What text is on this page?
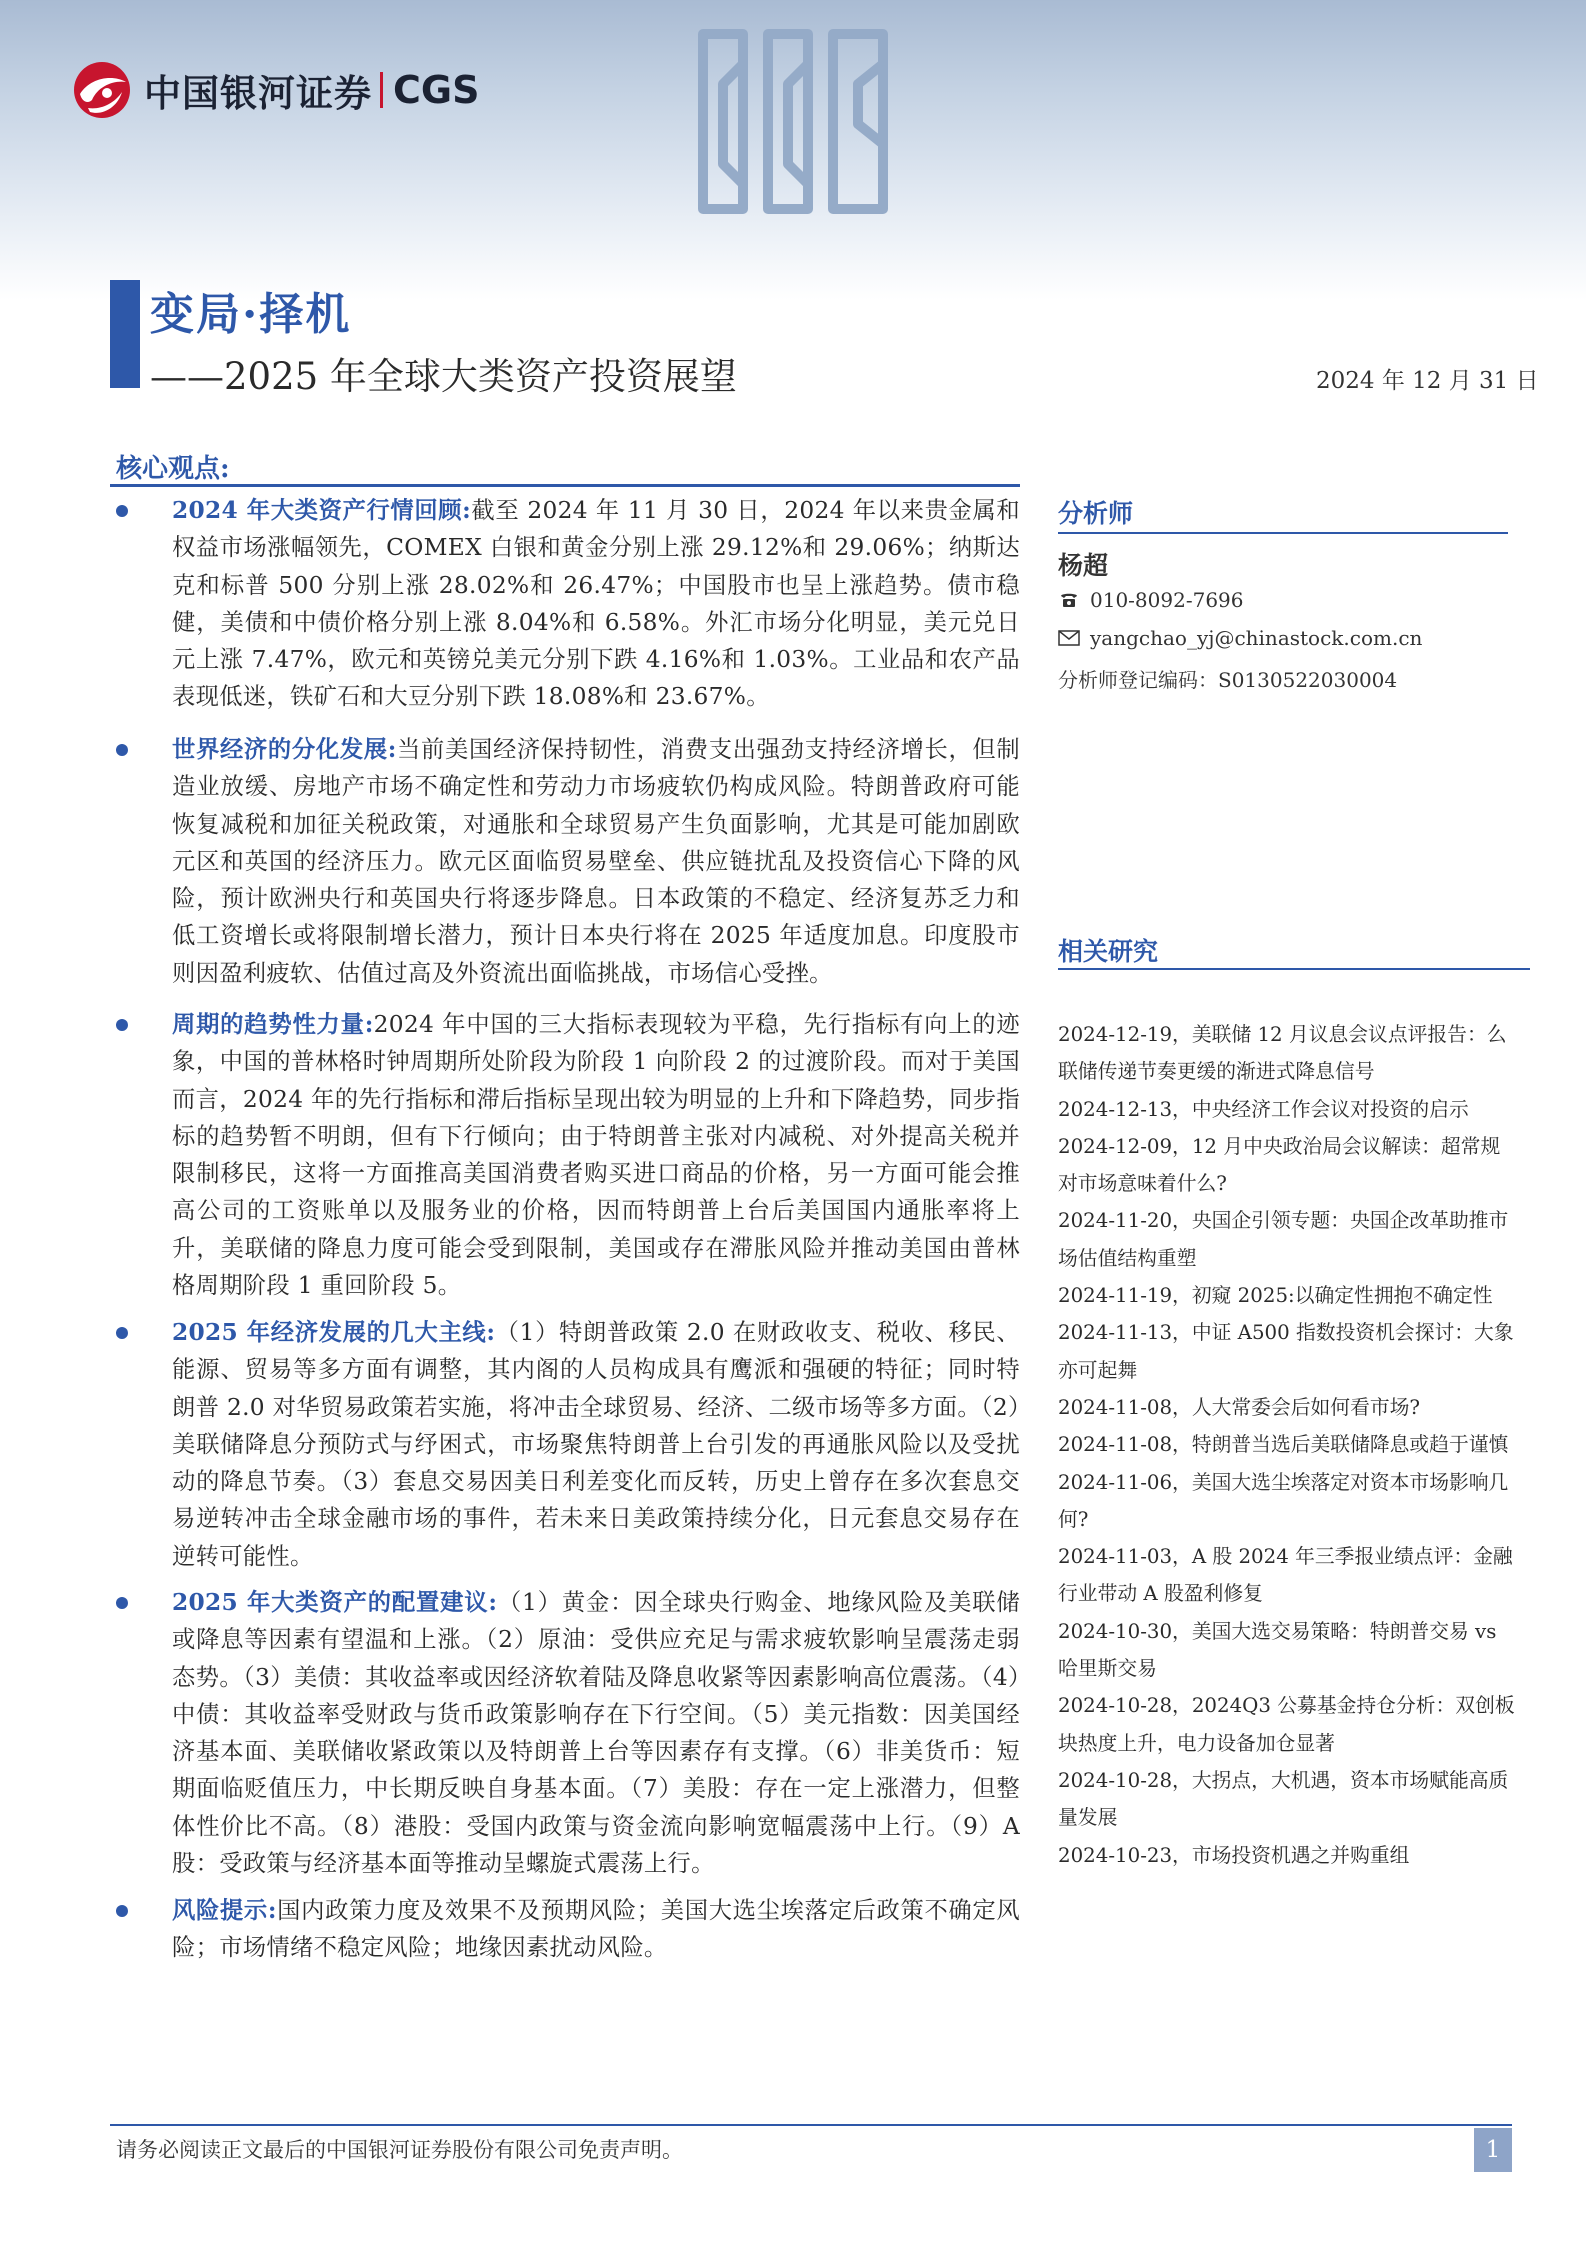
中国银河证券 CGS
变局·择机
——2025 年全球大类资产投资展望	2024 年 12 月 31 日
核心观点:
2024 年大类资产行情回顾:截至 2024 年 11 月 30 日，2024 年以来贵金属和权益市场涨幅领先，COMEX 白银和黄金分别上涨 29.12%和 29.06%；纳斯达克和标普 500 分别上涨 28.02%和 26.47%；中国股市也呈上涨趋势。债市稳健，美债和中债价格分别上涨 8.04%和 6.58%。外汇市场分化明显，美元兑日元上涨 7.47%，欧元和英镑兑美元分别下跌 4.16%和 1.03%。工业品和农产品表现低迷，铁矿石和大豆分别下跌 18.08%和 23.67%。
世界经济的分化发展:当前美国经济保持韧性，消费支出强劲支持经济增长，但制造业放缓、房地产市场不确定性和劳动力市场疲软仍构成风险。特朗普政府可能恢复减税和加征关税政策，对通胀和全球贸易产生负面影响，尤其是可能加剧欧元区和英国的经济压力。欧元区面临贸易壁垒、供应链扰乱及投资信心下降的风险，预计欧洲央行和英国央行将逐步降息。日本政策的不稳定、经济复苏乏力和低工资增长或将限制增长潜力，预计日本央行将在 2025 年适度加息。印度股市则因盈利疲软、估值过高及外资流出面临挑战，市场信心受挫。
周期的趋势性力量:2024 年中国的三大指标表现较为平稳，先行指标有向上的迹象，中国的普林格时钟周期所处阶段为阶段 1 向阶段 2 的过渡阶段。而对于美国而言，2024 年的先行指标和滞后指标呈现出较为明显的上升和下降趋势，同步指标的趋势暂不明朗，但有下行倾向；由于特朗普主张对内减税、对外提高关税并限制移民，这将一方面推高美国消费者购买进口商品的价格，另一方面可能会推高公司的工资账单以及服务业的价格，因而特朗普上台后美国国内通胀率将上升，美联储的降息力度可能会受到限制，美国或存在滞胀风险并推动美国由普林格周期阶段 1 重回阶段 5。
2025 年经济发展的几大主线:（1）特朗普政策 2.0 在财政收支、税收、移民、能源、贸易等多方面有调整，其内阁的人员构成具有鹰派和强硬的特征；同时特朗普 2.0 对华贸易政策若实施，将冲击全球贸易、经济、二级市场等多方面。（2）美联储降息分预防式与纾困式，市场聚焦特朗普上台引发的再通胀风险以及受扰动的降息节奏。（3）套息交易因美日利差变化而反转，历史上曾存在多次套息交易逆转冲击全球金融市场的事件，若未来日美政策持续分化，日元套息交易存在逆转可能性。
2025 年大类资产的配置建议:（1）黄金：因全球央行购金、地缘风险及美联储或降息等因素有望温和上涨。（2）原油：受供应充足与需求疲软影响呈震荡走弱态势。（3）美债：其收益率或因经济软着陆及降息收紧等因素影响高位震荡。（4）中债：其收益率受财政与货币政策影响存在下行空间。（5）美元指数：因美国经济基本面、美联储收紧政策以及特朗普上台等因素存有支撑。（6）非美货币：短期面临贬值压力，中长期反映自身基本面。（7）美股：存在一定上涨潜力，但整体性价比不高。（8）港股：受国内政策与资金流向影响宽幅震荡中上行。（9）A 股：受政策与经济基本面等推动呈螺旋式震荡上行。
风险提示:国内政策力度及效果不及预期风险；美国大选尘埃落定后政策不确定风险；市场情绪不稳定风险；地缘因素扰动风险。
分析师
杨超
010-8092-7696
yangchao_yj@chinastock.com.cn
分析师登记编码：S0130522030004
相关研究
2024-12-19，美联储 12 月议息会议点评报告：么联储传递节奏更缓的渐进式降息信号
2024-12-13，中央经济工作会议对投资的启示
2024-12-09，12 月中央政治局会议解读：超常规对市场意味着什么?
2024-11-20，央国企引领专题：央国企改革助推市场估值结构重塑
2024-11-19，初窥 2025:以确定性拥抱不确定性
2024-11-13，中证 A500 指数投资机会探讨：大象亦可起舞
2024-11-08，人大常委会后如何看市场?
2024-11-08，特朗普当选后美联储降息或趋于谨慎
2024-11-06，美国大选尘埃落定对资本市场影响几何?
2024-11-03，A 股 2024 年三季报业绩点评：金融行业带动 A 股盈利修复
2024-10-30，美国大选交易策略：特朗普交易 vs 哈里斯交易
2024-10-28，2024Q3 公募基金持仓分析：双创板块热度上升，电力设备加仓显著
2024-10-28，大拐点，大机遇，资本市场赋能高质量发展
2024-10-23，市场投资机遇之并购重组
请务必阅读正文最后的中国银河证券股份有限公司免责声明。	1
